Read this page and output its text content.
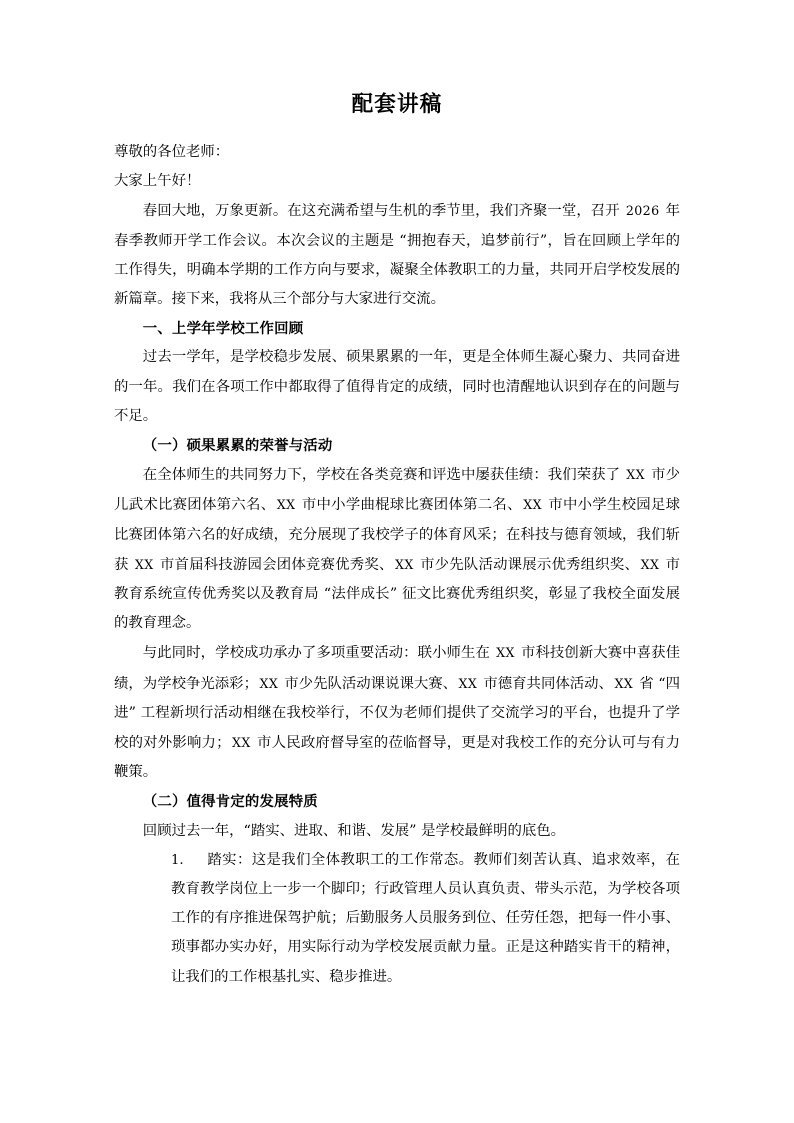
配套讲稿

尊敬的各位老师：

大家上午好！

春回大地，万象更新。在这充满希望与生机的季节里，我们齐聚一堂，召开 2026 年春季教师开学工作会议。本次会议的主题是 “拥抱春天，追梦前行”，旨在回顾上学年的工作得失，明确本学期的工作方向与要求，凝聚全体教职工的力量，共同开启学校发展的新篇章。接下来，我将从三个部分与大家进行交流。

一、上学年学校工作回顾

过去一学年，是学校稳步发展、硕果累累的一年，更是全体师生凝心聚力、共同奋进的一年。我们在各项工作中都取得了值得肯定的成绩，同时也清醒地认识到存在的问题与不足。

（一）硕果累累的荣誉与活动

在全体师生的共同努力下，学校在各类竞赛和评选中屡获佳绩：我们荣获了 XX 市少儿武术比赛团体第六名、 XX 市中小学曲棍球比赛团体第二名、 XX 市中小学生校园足球比赛团体第六名的好成绩，充分展现了我校学子的体育风采；在科技与德育领域，我们斩获 XX 市首届科技游园会团体竞赛优秀奖、 XX 市少先队活动课展示优秀组织奖、 XX 市教育系统宣传优秀奖以及教育局 “法伴成长” 征文比赛优秀组织奖，彰显了我校全面发展的教育理念。

与此同时，学校成功承办了多项重要活动：联小师生在 XX 市科技创新大赛中喜获佳绩，为学校争光添彩； XX 市少先队活动课说课大赛、 XX 市德育共同体活动、 XX 省 “四进” 工程新坝行活动相继在我校举行，不仅为老师们提供了交流学习的平台，也提升了学校的对外影响力； XX 市人民政府督导室的莅临督导，更是对我校工作的充分认可与有力鞭策。

（二）值得肯定的发展特质

回顾过去一年，“踏实、进取、和谐、发展” 是学校最鲜明的底色。

1. 踏实：这是我们全体教职工的工作常态。教师们刻苦认真、追求效率，在教育教学岗位上一步一个脚印；行政管理人员认真负责、带头示范，为学校各项工作的有序推进保驾护航；后勤服务人员服务到位、任劳任怨，把每一件小事、琐事都办实办好，用实际行动为学校发展贡献力量。正是这种踏实肯干的精神，让我们的工作根基扎实、稳步推进。
